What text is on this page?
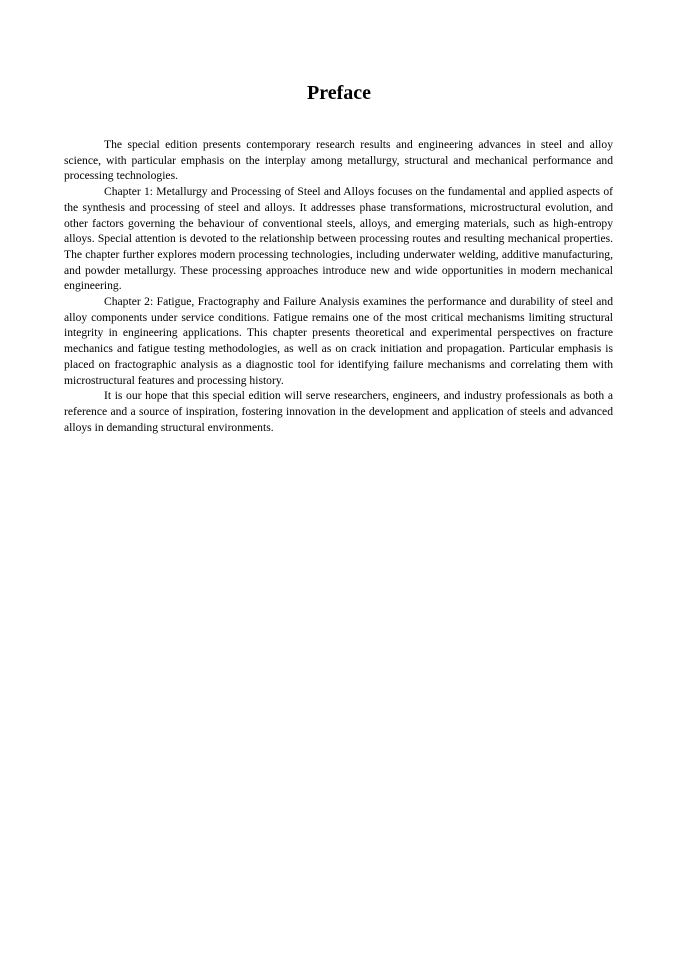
Preface

The special edition presents contemporary research results and engineering advances in steel and alloy science, with particular emphasis on the interplay among metallurgy, structural and mechanical performance and processing technologies.

Chapter 1: Metallurgy and Processing of Steel and Alloys focuses on the fundamental and applied aspects of the synthesis and processing of steel and alloys. It addresses phase transformations, microstructural evolution, and other factors governing the behaviour of conventional steels, alloys, and emerging materials, such as high-entropy alloys. Special attention is devoted to the relationship between processing routes and resulting mechanical properties. The chapter further explores modern processing technologies, including underwater welding, additive manufacturing, and powder metallurgy. These processing approaches introduce new and wide opportunities in modern mechanical engineering.

Chapter 2: Fatigue, Fractography and Failure Analysis examines the performance and durability of steel and alloy components under service conditions. Fatigue remains one of the most critical mechanisms limiting structural integrity in engineering applications. This chapter presents theoretical and experimental perspectives on fracture mechanics and fatigue testing methodologies, as well as on crack initiation and propagation. Particular emphasis is placed on fractographic analysis as a diagnostic tool for identifying failure mechanisms and correlating them with microstructural features and processing history.

It is our hope that this special edition will serve researchers, engineers, and industry professionals as both a reference and a source of inspiration, fostering innovation in the development and application of steels and advanced alloys in demanding structural environments.
